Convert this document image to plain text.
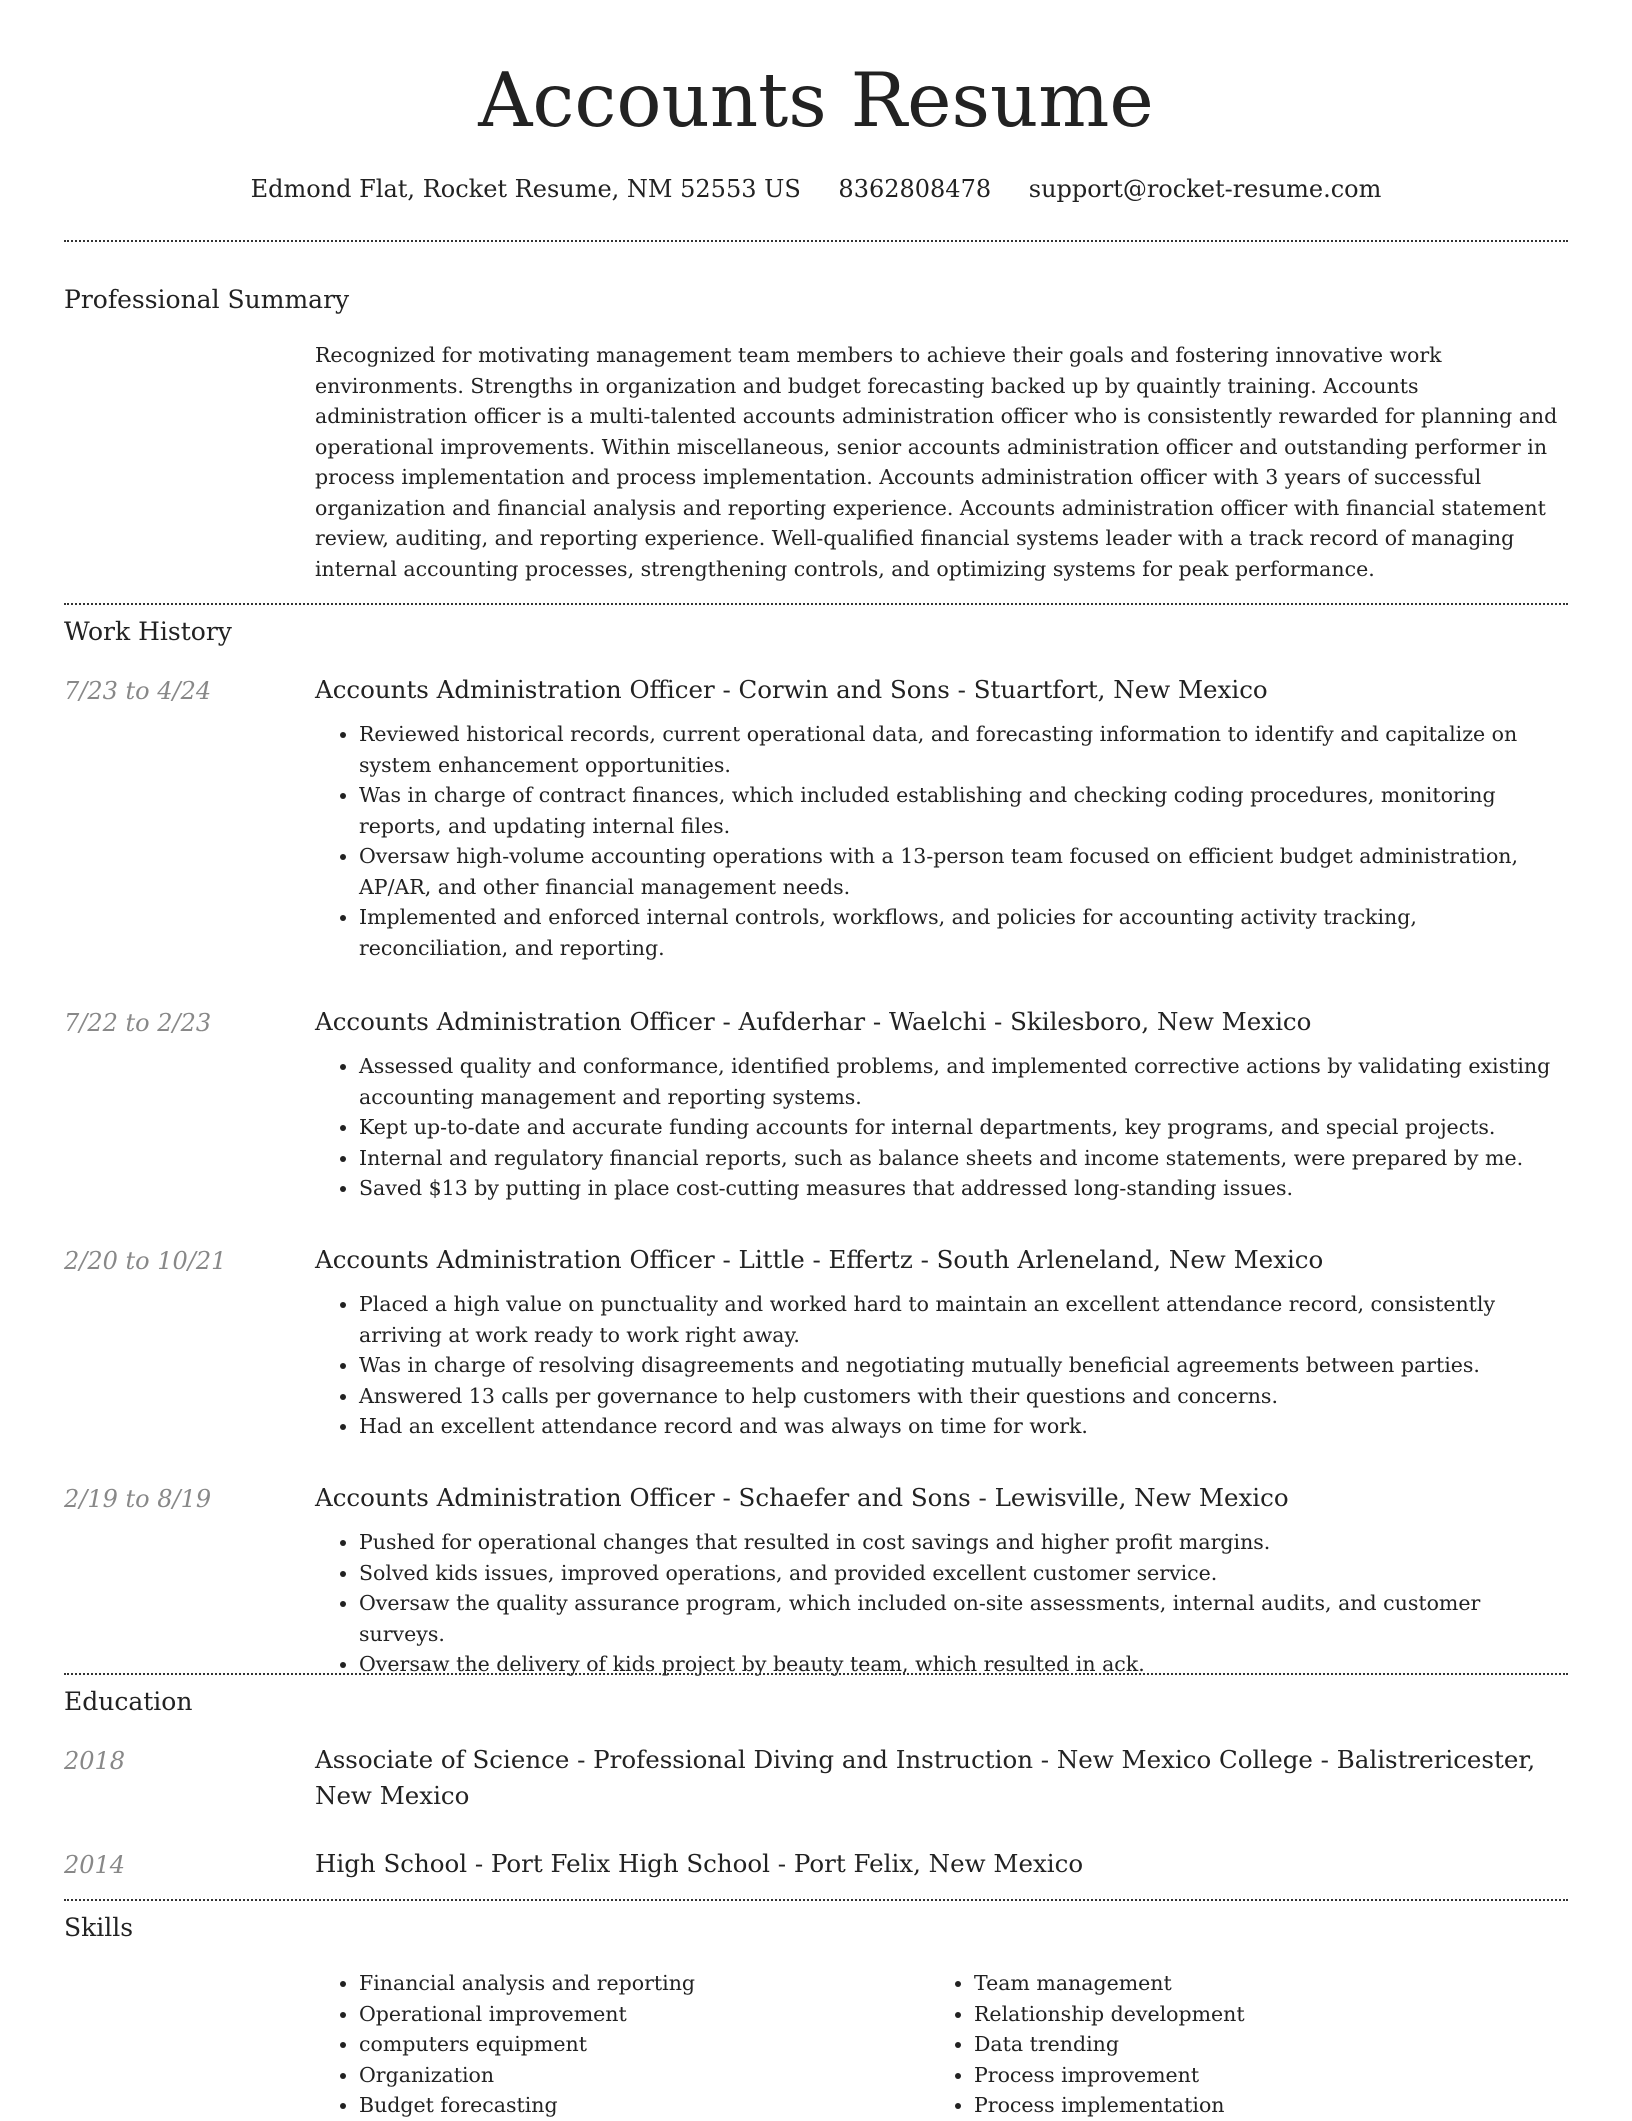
Accounts Resume
Edmond Flat, Rocket Resume, NM 52553 US 8362808478 support@rocket-resume.com
Professional Summary

Recognized for motivating management team members to achieve their goals and fostering innovative work environments. Strengths in organization and budget forecasting backed up by quaintly training. Accounts administration officer is a multi-talented accounts administration officer who is consistently rewarded for planning and operational improvements. Within miscellaneous, senior accounts administration officer and outstanding performer in process implementation and process implementation. Accounts administration officer with 3 years of successful organization and financial analysis and reporting experience. Accounts administration officer with financial statement review, auditing, and reporting experience. Well-qualified financial systems leader with a track record of managing internal accounting processes, strengthening controls, and optimizing systems for peak performance.

Work History
7/23 to 4/24	Accounts Administration Officer - Corwin and Sons - Stuartfort, New Mexico

• Reviewed historical records, current operational data, and forecasting information to identify and capitalize on system enhancement opportunities.
• Was in charge of contract finances, which included establishing and checking coding procedures, monitoring reports, and updating internal files.
• Oversaw high-volume accounting operations with a 13-person team focused on efficient budget administration, AP/AR, and other financial management needs.
• Implemented and enforced internal controls, workflows, and policies for accounting activity tracking, reconciliation, and reporting.
7/22 to 2/23	Accounts Administration Officer - Aufderhar - Waelchi - Skilesboro, New Mexico

• Assessed quality and conformance, identified problems, and implemented corrective actions by validating existing accounting management and reporting systems.
• Kept up-to-date and accurate funding accounts for internal departments, key programs, and special projects.
• Internal and regulatory financial reports, such as balance sheets and income statements, were prepared by me.
• Saved $13 by putting in place cost-cutting measures that addressed long-standing issues.
2/20 to 10/21	Accounts Administration Officer - Little - Effertz - South Arleneland, New Mexico

• Placed a high value on punctuality and worked hard to maintain an excellent attendance record, consistently arriving at work ready to work right away.
• Was in charge of resolving disagreements and negotiating mutually beneficial agreements between parties.
• Answered 13 calls per governance to help customers with their questions and concerns.
• Had an excellent attendance record and was always on time for work.
2/19 to 8/19	Accounts Administration Officer - Schaefer and Sons - Lewisville, New Mexico

• Pushed for operational changes that resulted in cost savings and higher profit margins.
• Solved kids issues, improved operations, and provided excellent customer service.
• Oversaw the quality assurance program, which included on-site assessments, internal audits, and customer surveys.
• Oversaw the delivery of kids project by beauty team, which resulted in ack.
Education
2018	Associate of Science - Professional Diving and Instruction - New Mexico College - Balistrericester, New Mexico

2014	High School - Port Felix High School - Port Felix, New Mexico

Skills
• Financial analysis and reporting
• Operational improvement
• computers equipment
• Organization
• Budget forecasting
• Team management
• Relationship development
• Data trending
• Process improvement
• Process implementation
